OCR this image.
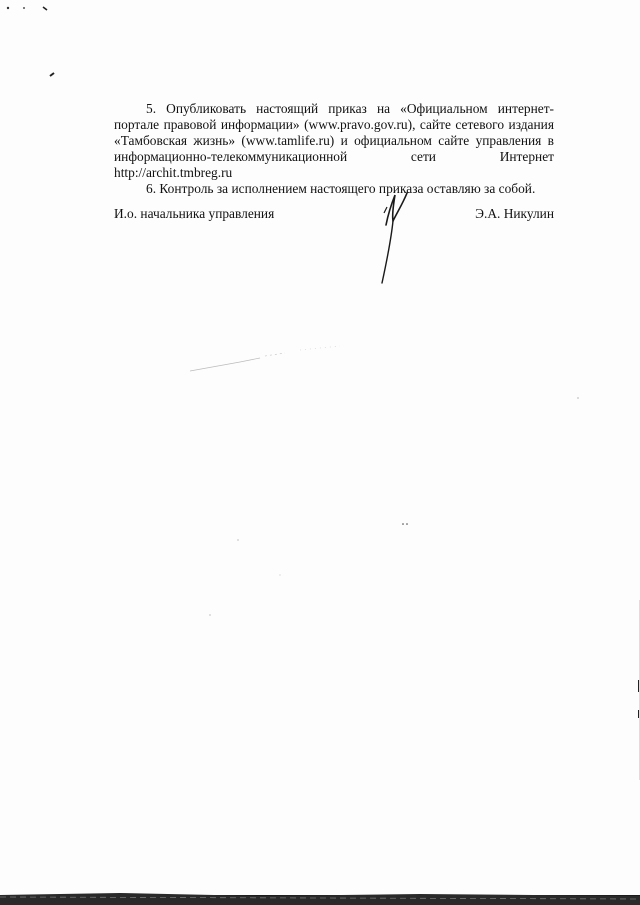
5. Опубликовать настоящий приказ на «Официальном интернет-портале правовой информации» (www.pravo.gov.ru), сайте сетевого издания «Тамбовская жизнь» (www.tamlife.ru) и официальном сайте управления в информационно-телекоммуникационной сети Интернет http://archit.tmbreg.ru

6. Контроль за исполнением настоящего приказа оставляю за собой.

И.о. начальника управления	Э.А. Никулин
